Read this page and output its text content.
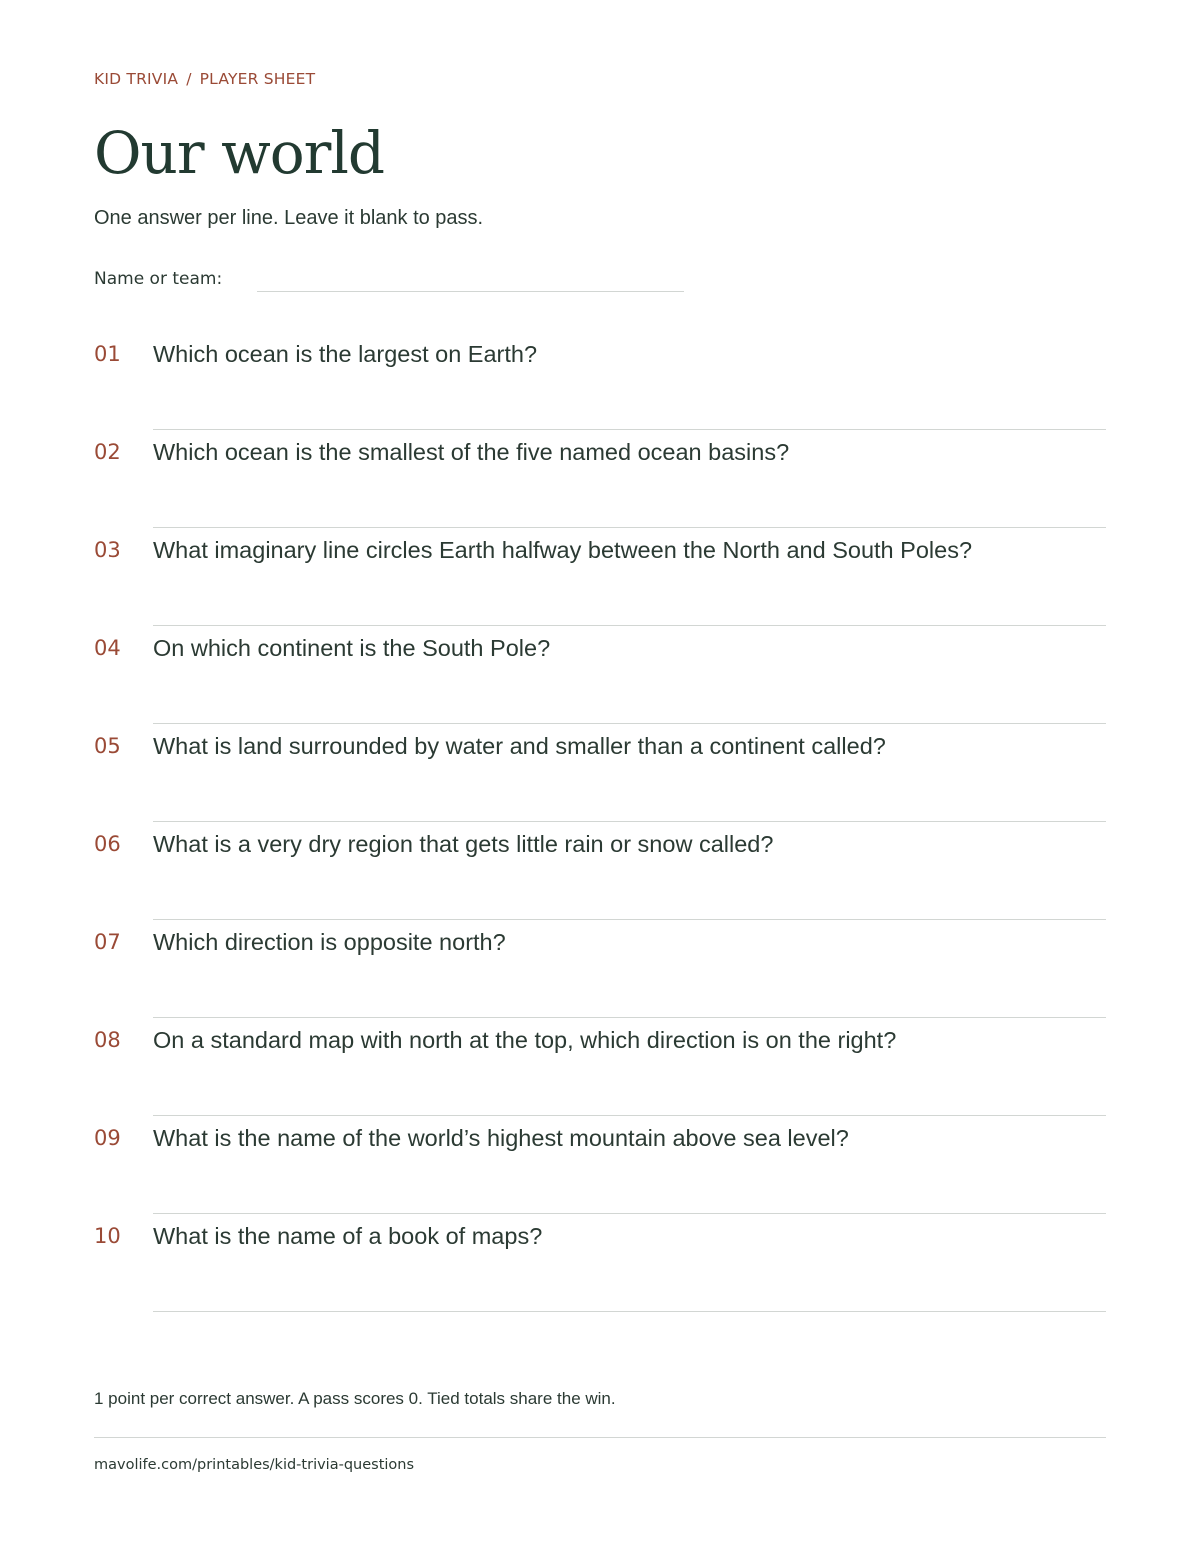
KID TRIVIA / PLAYER SHEET
Our world
One answer per line. Leave it blank to pass.
Name or team:
01 Which ocean is the largest on Earth?
02 Which ocean is the smallest of the five named ocean basins?
03 What imaginary line circles Earth halfway between the North and South Poles?
04 On which continent is the South Pole?
05 What is land surrounded by water and smaller than a continent called?
06 What is a very dry region that gets little rain or snow called?
07 Which direction is opposite north?
08 On a standard map with north at the top, which direction is on the right?
09 What is the name of the world’s highest mountain above sea level?
10 What is the name of a book of maps?
1 point per correct answer. A pass scores 0. Tied totals share the win.
mavolife.com/printables/kid-trivia-questions
